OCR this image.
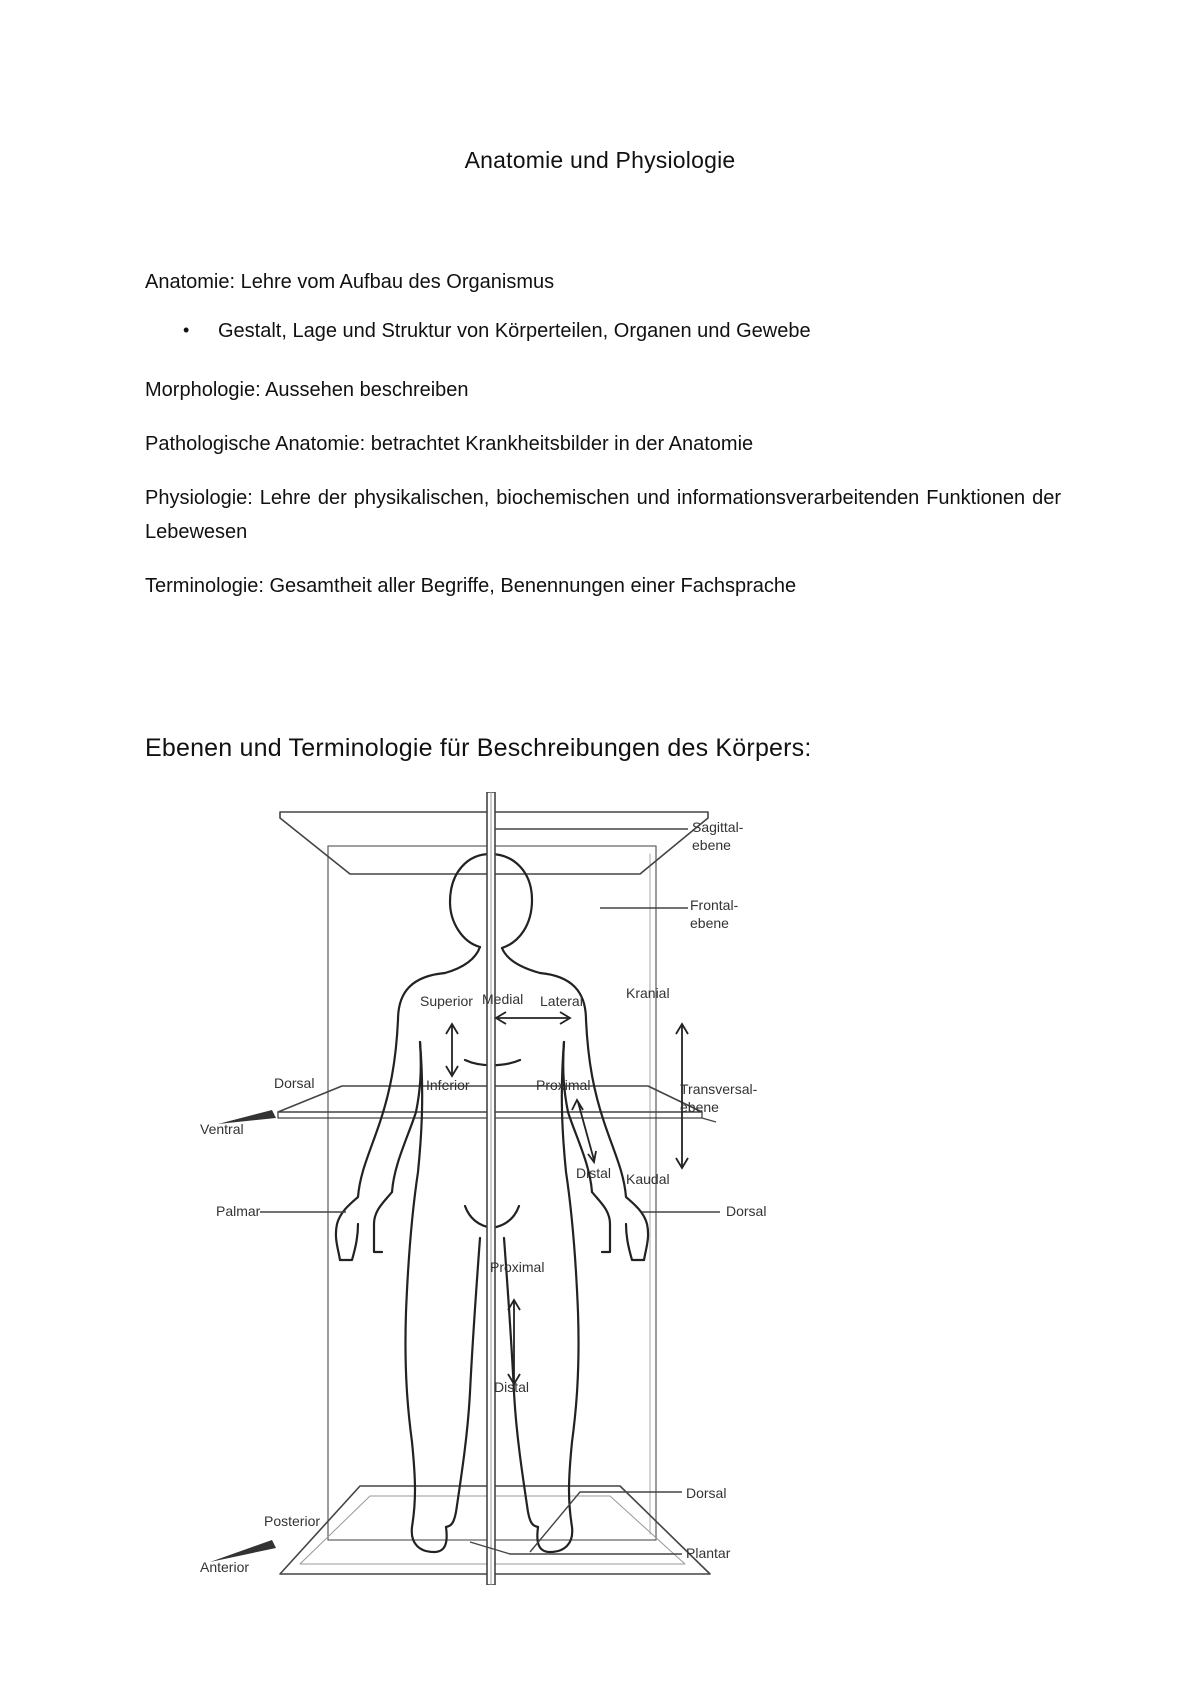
Anatomie und Physiologie
Anatomie: Lehre vom Aufbau des Organismus
• Gestalt, Lage und Struktur von Körperteilen, Organen und Gewebe
Morphologie: Aussehen beschreiben
Pathologische Anatomie: betrachtet Krankheitsbilder in der Anatomie
Physiologie: Lehre der physikalischen, biochemischen und informationsverarbeitenden Funktionen der Lebewesen
Terminologie: Gesamtheit aller Begriffe, Benennungen einer Fachsprache
Ebenen und Terminologie für Beschreibungen des Körpers:
Sagittal-
ebene
Frontal-
ebene
Transversal-
ebene
Superior Medial Lateral
Inferior	Proximal
Distal
Kranial
Kaudal
Dorsal
Ventral
Palmar	Dorsal
Proximal
Distal
Posterior
Anterior
Dorsal
Plantar
